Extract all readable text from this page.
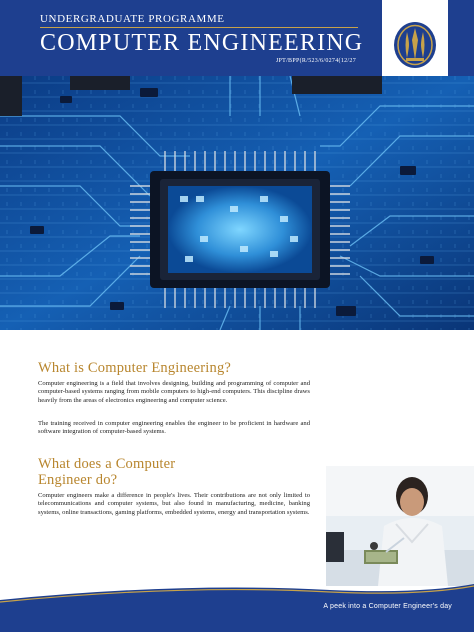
UNDERGRADUATE PROGRAMME
COMPUTER ENGINEERING
JPT/BPP(R/523/6/0274(12/27
What is Computer Engineering?

Computer engineering is a field that involves designing, building and programming of computer and computer-based systems ranging from mobile computers to high-end computers. This discipline draws heavily from the areas of electronics engineering and computer science.

The training received in computer engineering enables the engineer to be proficient in hardware and software integration of computer-based systems.

What does a Computer
Engineer do?

Computer engineers make a difference in people's lives. Their contributions are not only limited to telecommunications and computer systems, but also found in manufacturing, medicine, banking systems, online transactions, gaming platforms, embedded systems, energy and transportation systems.

A peek into a Computer Engineer's day
